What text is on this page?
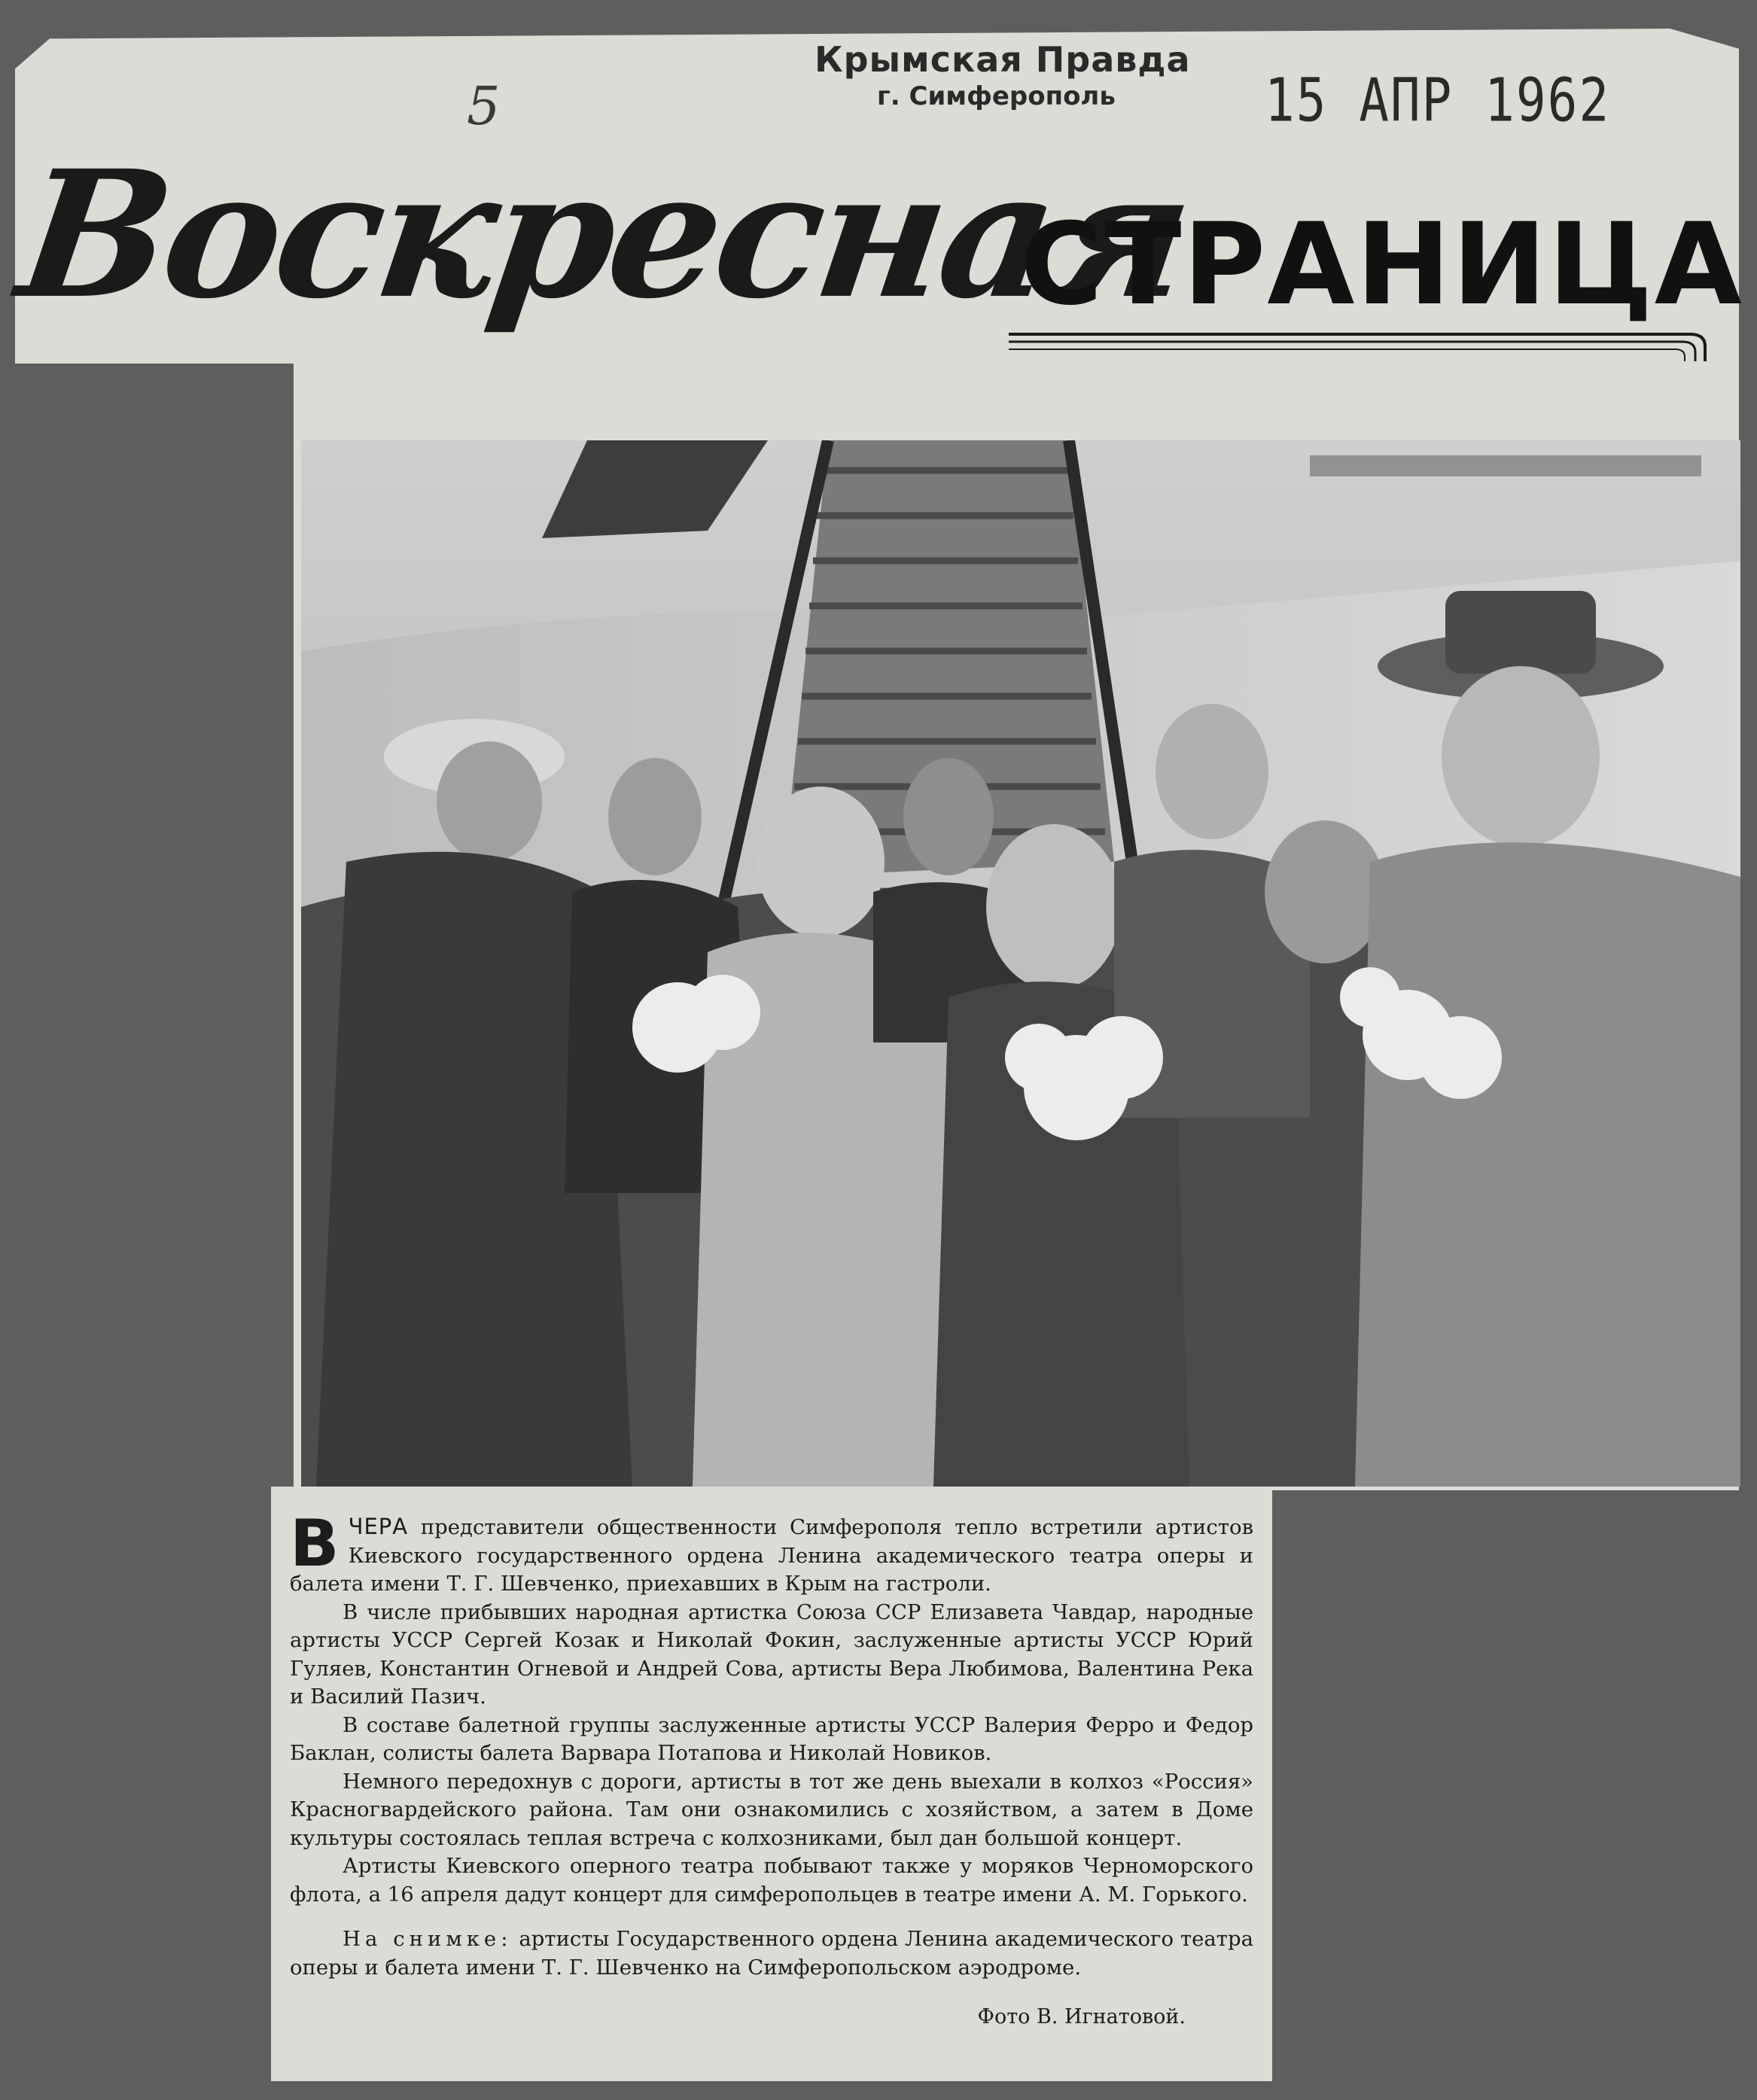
Крымская Правда
г. Симферополь	15 АПР 1962
5
Воскресная
СТРАНИЦА

ВЧЕРА представители общественности Симферополя тепло встретили артистов Киевского государственного ордена Ленина академического театра оперы и балета имени Т. Г. Шевченко, приехавших в Крым на гастроли.

В числе прибывших народная артистка Союза ССР Елизавета Чавдар, народные артисты УССР Сергей Козак и Николай Фокин, заслуженные артисты УССР Юрий Гуляев, Константин Огневой и Андрей Сова, артисты Вера Любимова, Валентина Река и Василий Пазич.

В составе балетной группы заслуженные артисты УССР Валерия Ферро и Федор Баклан, солисты балета Варвара Потапова и Николай Новиков.

Немного передохнув с дороги, артисты в тот же день выехали в колхоз «Россия» Красногвардейского района. Там они ознакомились с хозяйством, а затем в Доме культуры состоялась теплая встреча с колхозниками, был дан большой концерт.

Артисты Киевского оперного театра побывают также у моряков Черноморского флота, а 16 апреля дадут концерт для симферопольцев в театре имени А. М. Горького.

На снимке: артисты Государственного ордена Ленина академического театра оперы и балета имени Т. Г. Шевченко на Симферопольском аэродроме.

Фото В. Игнатовой.
